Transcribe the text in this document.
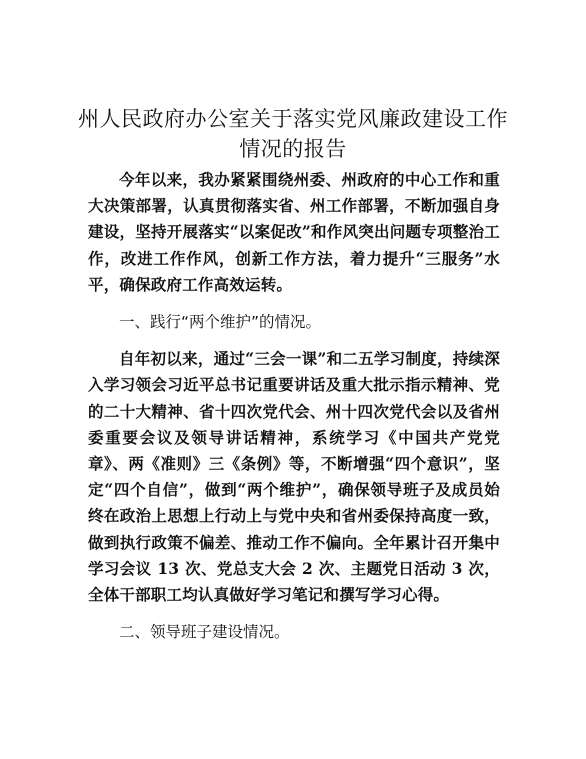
州人民政府办公室关于落实党风廉政建设工作
情况的报告

今年以来，我办紧紧围绕州委、州政府的中心工作和重大决策部署，认真贯彻落实省、州工作部署，不断加强自身建设，坚持开展落实“以案促改”和作风突出问题专项整治工作，改进工作作风，创新工作方法，着力提升“三服务”水平，确保政府工作高效运转。

一、践行“两个维护”的情况。

自年初以来，通过“三会一课”和二五学习制度，持续深入学习领会习近平总书记重要讲话及重大批示指示精神、党的二十大精神、省十四次党代会、州十四次党代会以及省州委重要会议及领导讲话精神，系统学习《中国共产党党章》、两《准则》三《条例》等，不断增强“四个意识”，坚定“四个自信”，做到“两个维护”，确保领导班子及成员始终在政治上思想上行动上与党中央和省州委保持高度一致，做到执行政策不偏差、推动工作不偏向。全年累计召开集中学习会议 13 次、党总支大会 2 次、主题党日活动 3 次，全体干部职工均认真做好学习笔记和撰写学习心得。

二、领导班子建设情况。
